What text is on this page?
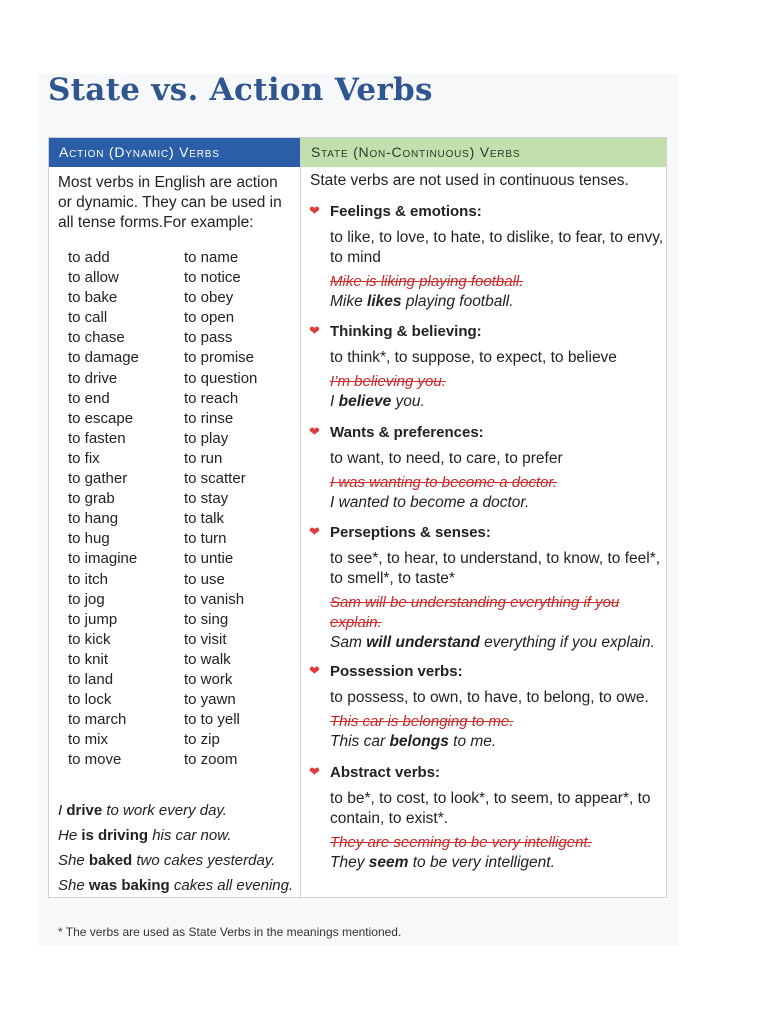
State vs. Action Verbs
Action (Dynamic) Verbs
Most verbs in English are action or dynamic. They can be used in all tense forms.For example:
to add	to name
to allow	to notice
to bake	to obey
to call	to open
to chase	to pass
to damage	to promise
to drive	to question
to end	to reach
to escape	to rinse
to fasten	to play
to fix	to run
to gather	to scatter
to grab	to stay
to hang	to talk
to hug	to turn
to imagine	to untie
to itch	to use
to jog	to vanish
to jump	to sing
to kick	to visit
to knit	to walk
to land	to work
to lock	to yawn
to march	to to yell
to mix	to zip
to move	to zoom
I drive to work every day.
He is driving his car now.
She baked two cakes yesterday.
She was baking cakes all evening.
State (Non-Continuous) Verbs
State verbs are not used in continuous tenses.
❤ Feelings & emotions:
to like, to love, to hate, to dislike, to fear, to envy, to mind
Mike is liking playing football.
Mike likes playing football.
❤ Thinking & believing:
to think*, to suppose, to expect, to believe
I’m believing you.
I believe you.
❤ Wants & preferences:
to want, to need, to care, to prefer
I was wanting to become a doctor.
I wanted to become a doctor.
❤ Perseptions & senses:
to see*, to hear, to understand, to know, to feel*, to smell*, to taste*
Sam will be understanding everything if you explain.
Sam will understand everything if you explain.
❤ Possession verbs:
to possess, to own, to have, to belong, to owe.
This car is belonging to me.
This car belongs to me.
❤ Abstract verbs:
to be*, to cost, to look*, to seem, to appear*, to contain, to exist*.
They are seeming to be very intelligent.
They seem to be very intelligent.
* The verbs are used as State Verbs in the meanings mentioned.
